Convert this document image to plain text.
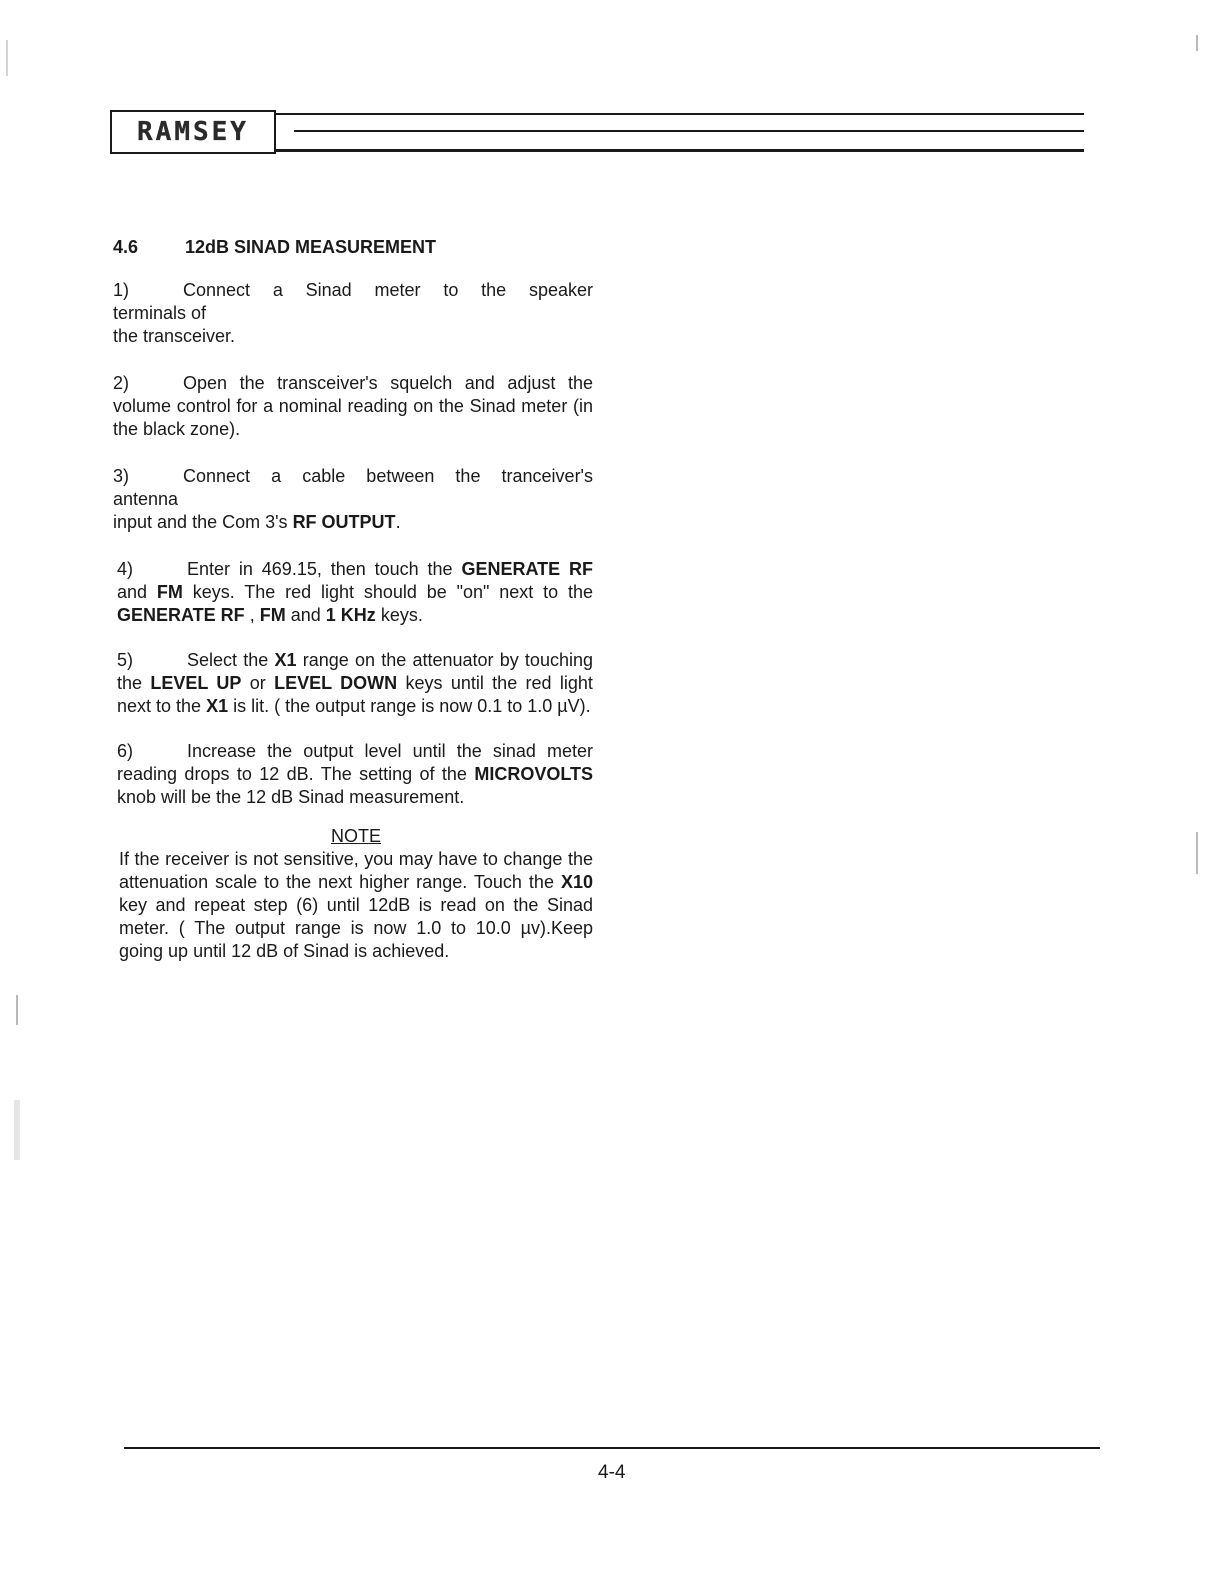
RAMSEY
4.6	12dB SINAD MEASUREMENT
1)	Connect a Sinad meter to the speaker
terminals of
the transceiver.
2)	Open the transceiver's squelch and adjust the volume control for a nominal reading on the Sinad meter (in the black zone).
3)	Connect a cable between the tranceiver's
antenna
input and the Com 3's RF OUTPUT.
4)	Enter in 469.15, then touch the GENERATE RF and FM keys. The red light should be "on" next to the GENERATE RF , FM and 1 KHz keys.
5)	Select the X1 range on the attenuator by touching the LEVEL UP or LEVEL DOWN keys until the red light next to the X1 is lit. ( the output range is now 0.1 to 1.0 µV).
6)	Increase the output level until the sinad meter reading drops to 12 dB. The setting of the MICROVOLTS knob will be the 12 dB Sinad measurement.
NOTE
If the receiver is not sensitive, you may have to change the attenuation scale to the next higher range. Touch the X10 key and repeat step (6) until 12dB is read on the Sinad meter. ( The output range is now 1.0 to 10.0 µv).Keep going up until 12 dB of Sinad is achieved.
4-4
